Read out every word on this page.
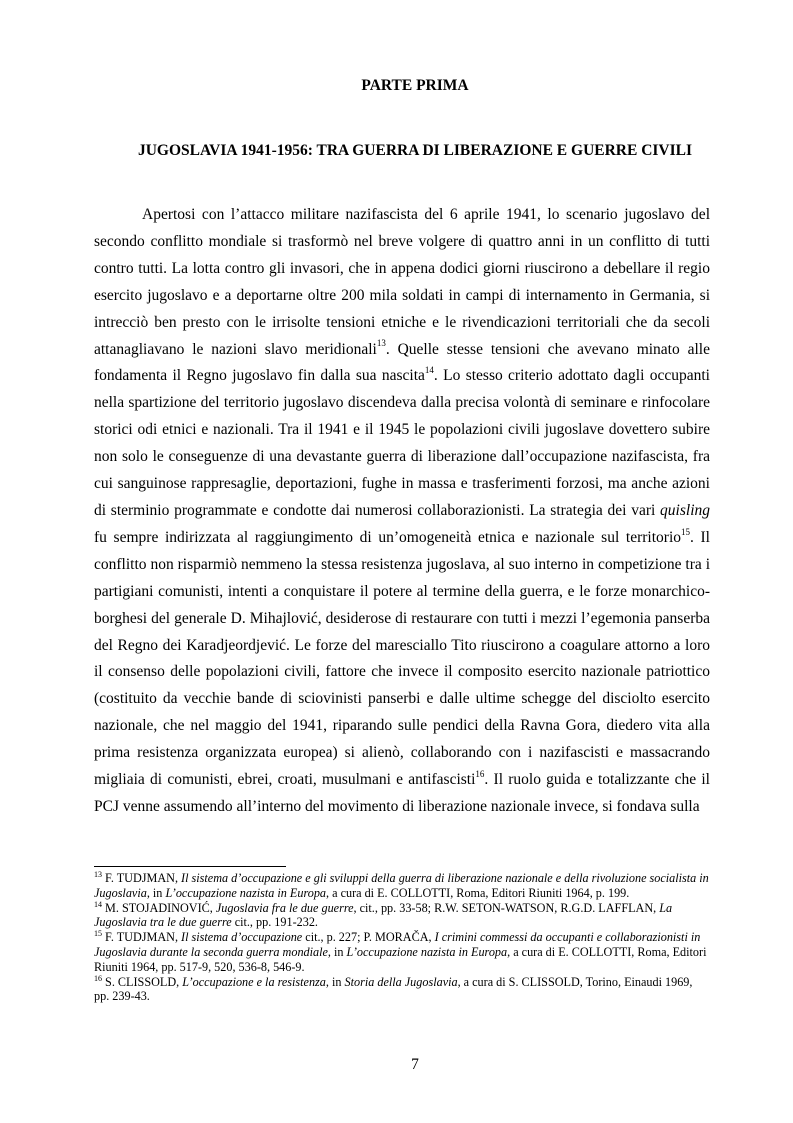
PARTE PRIMA
JUGOSLAVIA 1941-1956: TRA GUERRA DI LIBERAZIONE E GUERRE CIVILI

Apertosi con l’attacco militare nazifascista del 6 aprile 1941, lo scenario jugoslavo del secondo conflitto mondiale si trasformò nel breve volgere di quattro anni in un conflitto di tutti contro tutti. La lotta contro gli invasori, che in appena dodici giorni riuscirono a debellare il regio esercito jugoslavo e a deportarne oltre 200 mila soldati in campi di internamento in Germania, si intrecciò ben presto con le irrisolte tensioni etniche e le rivendicazioni territoriali che da secoli attanagliavano le nazioni slavo meridionali$^{13}$. Quelle stesse tensioni che avevano minato alle fondamenta il Regno jugoslavo fin dalla sua nascita$^{14}$. Lo stesso criterio adottato dagli occupanti nella spartizione del territorio jugoslavo discendeva dalla precisa volontà di seminare e rinfocolare storici odi etnici e nazionali. Tra il 1941 e il 1945 le popolazioni civili jugoslave dovettero subire non solo le conseguenze di una devastante guerra di liberazione dall’occupazione nazifascista, fra cui sanguinose rappresaglie, deportazioni, fughe in massa e trasferimenti forzosi, ma anche azioni di sterminio programmate e condotte dai numerosi collaborazionisti. La strategia dei vari quisling fu sempre indirizzata al raggiungimento di un’omogeneità etnica e nazionale sul territorio$^{15}$. Il conflitto non risparmiò nemmeno la stessa resistenza jugoslava, al suo interno in competizione tra i partigiani comunisti, intenti a conquistare il potere al termine della guerra, e le forze monarchico-borghesi del generale D. Mihajlović, desiderose di restaurare con tutti i mezzi l’egemonia panserba del Regno dei Karadjeordjević. Le forze del maresciallo Tito riuscirono a coagulare attorno a loro il consenso delle popolazioni civili, fattore che invece il composito esercito nazionale patriottico (costituito da vecchie bande di sciovinisti panserbi e dalle ultime schegge del disciolto esercito nazionale, che nel maggio del 1941, riparando sulle pendici della Ravna Gora, diedero vita alla prima resistenza organizzata europea) si alienò, collaborando con i nazifascisti e massacrando migliaia di comunisti, ebrei, croati, musulmani e antifascisti$^{16}$. Il ruolo guida e totalizzante che il PCJ venne assumendo all’interno del movimento di liberazione nazionale invece, si fondava sulla

$^{13}$ F. TUDJMAN, Il sistema d’occupazione e gli sviluppi della guerra di liberazione nazionale e della rivoluzione socialista in Jugoslavia, in L’occupazione nazista in Europa, a cura di E. COLLOTTI, Roma, Editori Riuniti 1964, p. 199.

$^{14}$ M. STOJADINOVIĆ, Jugoslavia fra le due guerre, cit., pp. 33-58; R.W. SETON-WATSON, R.G.D. LAFFLAN, La Jugoslavia tra le due guerre cit., pp. 191-232.

$^{15}$ F. TUDJMAN, Il sistema d’occupazione cit., p. 227; P. MORAČA, I crimini commessi da occupanti e collaborazionisti in Jugoslavia durante la seconda guerra mondiale, in L’occupazione nazista in Europa, a cura di E. COLLOTTI, Roma, Editori Riuniti 1964, pp. 517-9, 520, 536-8, 546-9.

$^{16}$ S. CLISSOLD, L’occupazione e la resistenza, in Storia della Jugoslavia, a cura di S. CLISSOLD, Torino, Einaudi 1969, pp. 239-43.

7
